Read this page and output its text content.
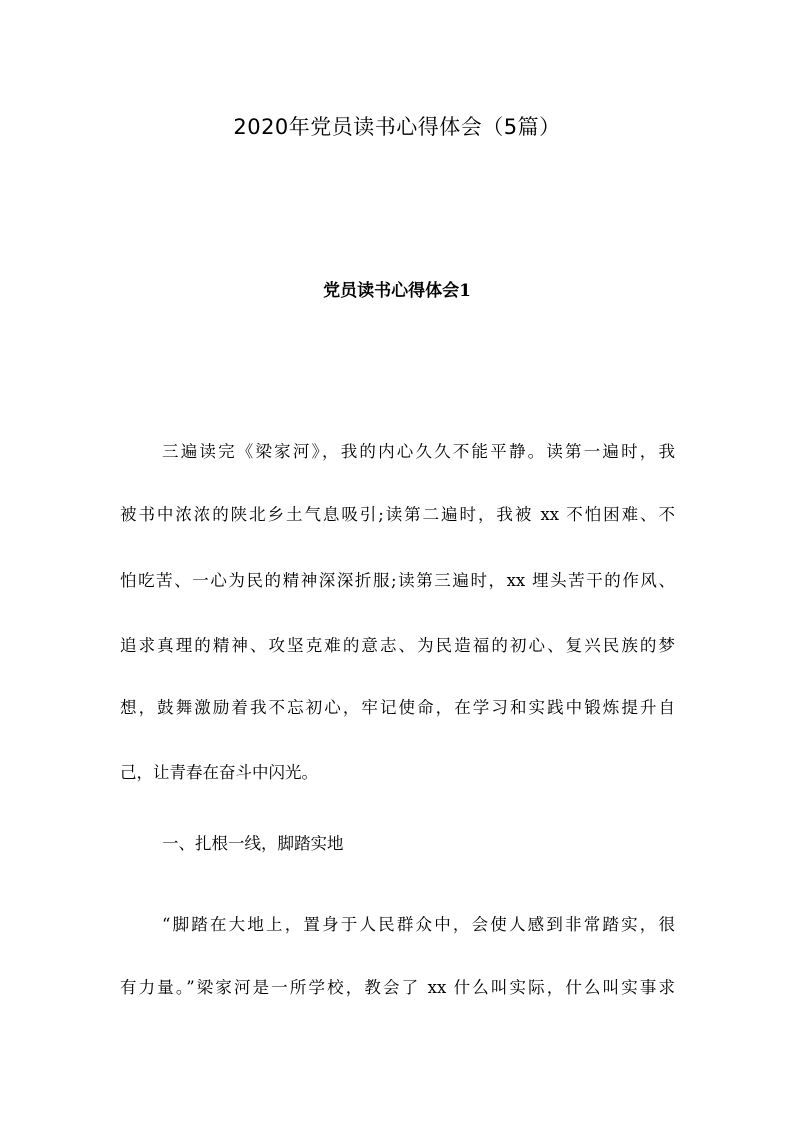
2020年党员读书心得体会（5篇）
党员读书心得体会1
三遍读完《梁家河》，我的内心久久不能平静。读第一遍时，我
被书中浓浓的陕北乡土气息吸引;读第二遍时，我被 xx 不怕困难、不
怕吃苦、一心为民的精神深深折服;读第三遍时，xx 埋头苦干的作风、
追求真理的精神、攻坚克难的意志、为民造福的初心、复兴民族的梦
想，鼓舞激励着我不忘初心，牢记使命，在学习和实践中锻炼提升自
己，让青春在奋斗中闪光。
一、扎根一线，脚踏实地
“脚踏在大地上，置身于人民群众中，会使人感到非常踏实，很
有力量。”梁家河是一所学校，教会了 xx 什么叫实际，什么叫实事求
